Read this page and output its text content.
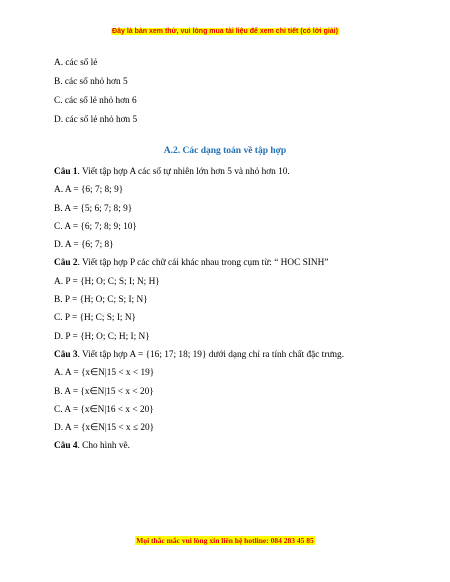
Đây là bản xem thử, vui lòng mua tài liệu để xem chi tiết (có lời giải)
A. các số lẻ
B. các số nhỏ hơn 5
C. các số lẻ nhỏ hơn 6
D. các số lẻ nhỏ hơn 5
A.2. Các dạng toán về tập hợp
Câu 1. Viết tập hợp A các số tự nhiên lớn hơn 5 và nhỏ hơn 10.
A. A = {6; 7; 8; 9}
B. A = {5; 6; 7; 8; 9}
C. A = {6; 7; 8; 9; 10}
D. A = {6; 7; 8}
Câu 2. Viết tập hợp P các chữ cái khác nhau trong cụm từ: “ HOC SINH”
A. P = {H; O; C; S; I; N; H}
B. P = {H; O; C; S; I; N}
C. P = {H; C; S; I; N}
D. P = {H; O; C; H; I; N}
Câu 3. Viết tập hợp A = {16; 17; 18; 19} dưới dạng chỉ ra tính chất đặc trưng.
A. A = {x∈N|15 < x < 19}
B. A = {x∈N|15 < x < 20}
C. A = {x∈N|16 < x < 20}
D. A = {x∈N|15 < x ≤ 20}
Câu 4. Cho hình vẽ.
Mọi thắc mắc vui lòng xin liên hệ hotline: 084 283 45 85
